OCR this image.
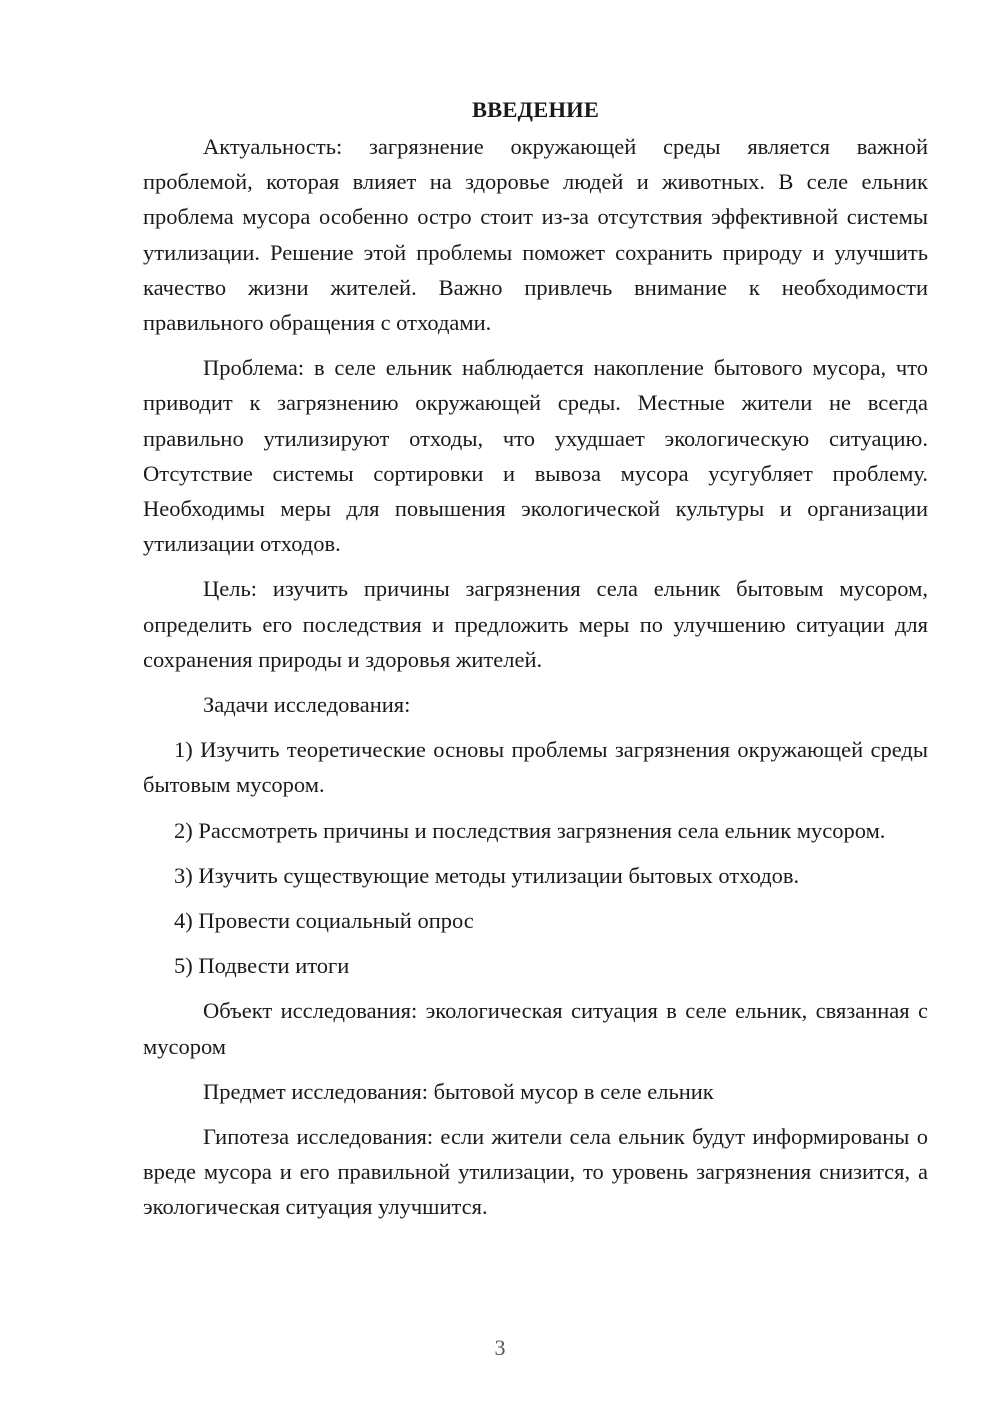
ВВЕДЕНИЕ

Актуальность: загрязнение окружающей среды является важной проблемой, которая влияет на здоровье людей и животных. В селе ельник проблема мусора особенно остро стоит из-за отсутствия эффективной системы утилизации. Решение этой проблемы поможет сохранить природу и улучшить качество жизни жителей. Важно привлечь внимание к необходимости правильного обращения с отходами.

Проблема: в селе ельник наблюдается накопление бытового мусора, что приводит к загрязнению окружающей среды. Местные жители не всегда правильно утилизируют отходы, что ухудшает экологическую ситуацию. Отсутствие системы сортировки и вывоза мусора усугубляет проблему. Необходимы меры для повышения экологической культуры и организации утилизации отходов.

Цель: изучить причины загрязнения села ельник бытовым мусором, определить его последствия и предложить меры по улучшению ситуации для сохранения природы и здоровья жителей.

Задачи исследования:

1) Изучить теоретические основы проблемы загрязнения окружающей среды бытовым мусором.

2) Рассмотреть причины и последствия загрязнения села ельник мусором.

3) Изучить существующие методы утилизации бытовых отходов.

4) Провести социальный опрос

5) Подвести итоги

Объект исследования: экологическая ситуация в селе ельник, связанная с мусором

Предмет исследования: бытовой мусор в селе ельник

Гипотеза исследования: если жители села ельник будут информированы о вреде мусора и его правильной утилизации, то уровень загрязнения снизится, а экологическая ситуация улучшится.

3
